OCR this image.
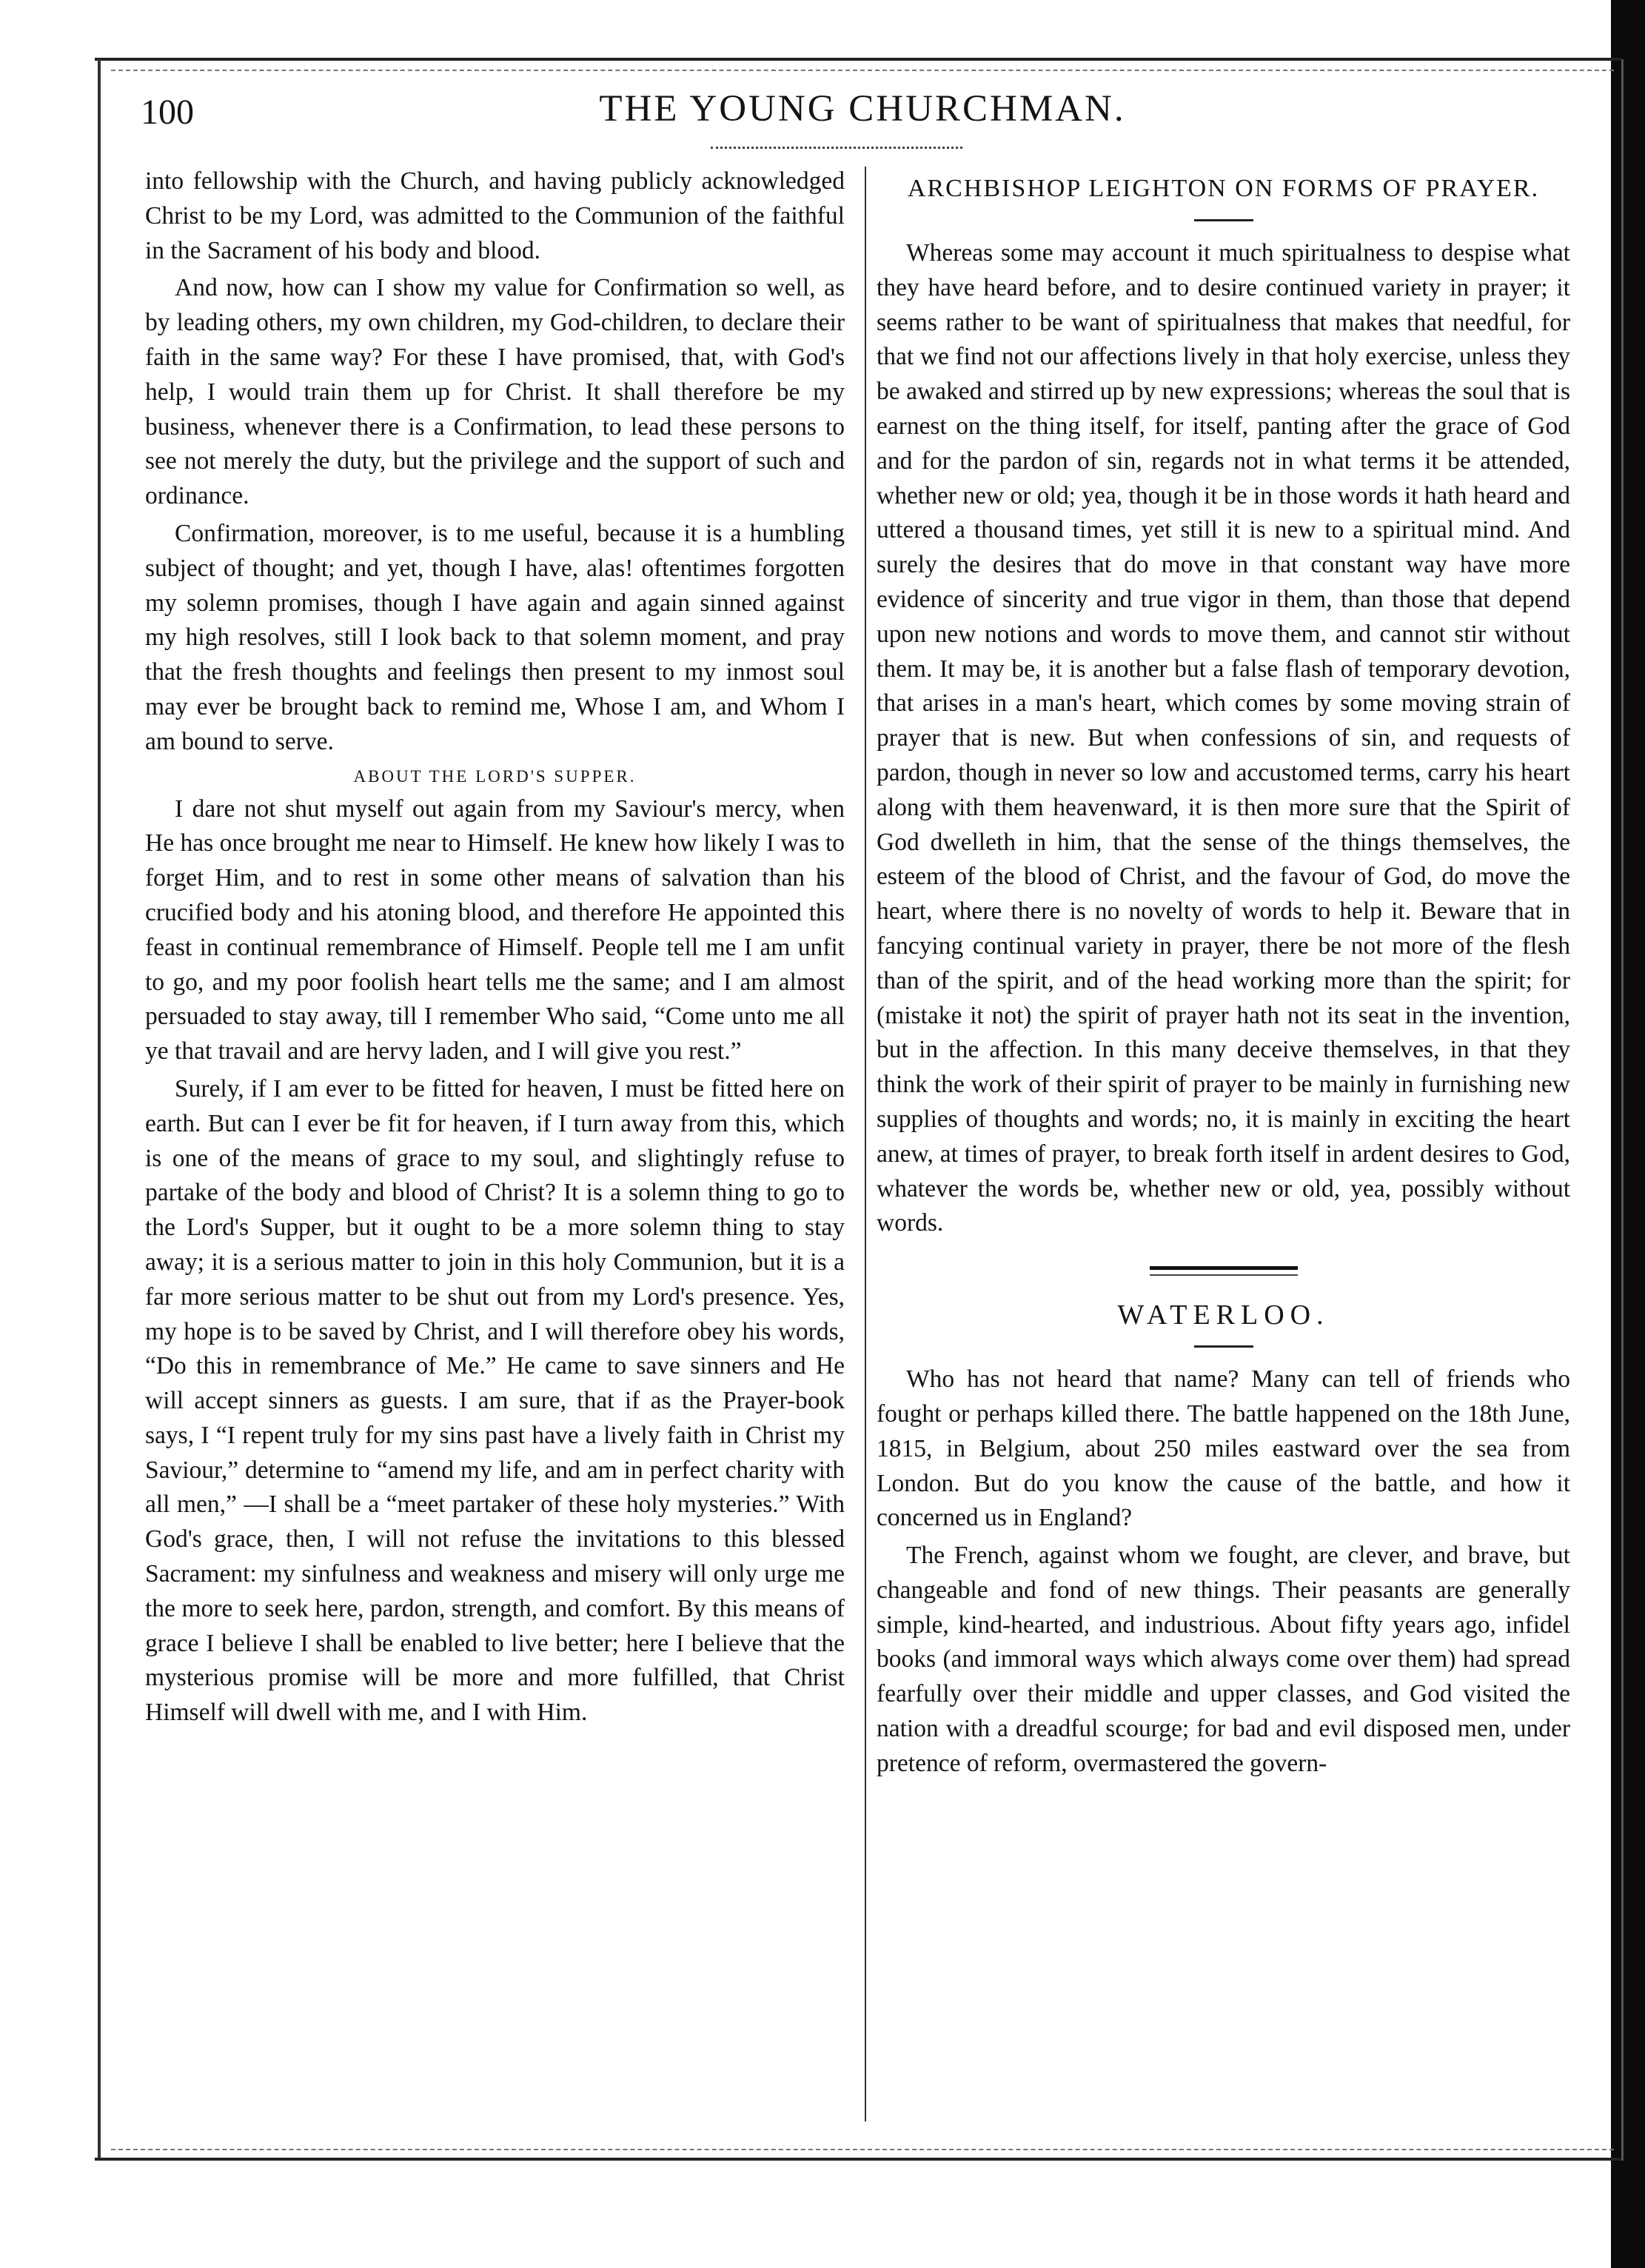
100	THE YOUNG CHURCHMAN.

into fellowship with the Church, and having publicly acknowledged Christ to be my Lord, was admitted to the Communion of the faithful in the Sacrament of his body and blood.

And now, how can I show my value for Confirmation so well, as by leading others, my own children, my God-children, to declare their faith in the same way? For these I have promised, that, with God's help, I would train them up for Christ. It shall therefore be my business, whenever there is a Confirmation, to lead these persons to see not merely the duty, but the privilege and the support of such and ordinance.

Confirmation, moreover, is to me useful, because it is a humbling subject of thought; and yet, though I have, alas! oftentimes forgotten my solemn promises, though I have again and again sinned against my high resolves, still I look back to that solemn moment, and pray that the fresh thoughts and feelings then present to my inmost soul may ever be brought back to remind me, Whose I am, and Whom I am bound to serve.

ABOUT THE LORD'S SUPPER.

I dare not shut myself out again from my Saviour's mercy, when He has once brought me near to Himself. He knew how likely I was to forget Him, and to rest in some other means of salvation than his crucified body and his atoning blood, and therefore He appointed this feast in continual remembrance of Himself. People tell me I am unfit to go, and my poor foolish heart tells me the same; and I am almost persuaded to stay away, till I remember Who said, “Come unto me all ye that travail and are hervy laden, and I will give you rest.”

Surely, if I am ever to be fitted for heaven, I must be fitted here on earth. But can I ever be fit for heaven, if I turn away from this, which is one of the means of grace to my soul, and slightingly refuse to partake of the body and blood of Christ? It is a solemn thing to go to the Lord's Supper, but it ought to be a more solemn thing to stay away; it is a serious matter to join in this holy Communion, but it is a far more serious matter to be shut out from my Lord's presence. Yes, my hope is to be saved by Christ, and I will therefore obey his words, “Do this in remembrance of Me.” He came to save sinners and He will accept sinners as guests. I am sure, that if as the Prayer-book says, I “I repent truly for my sins past have a lively faith in Christ my Saviour,” determine to “amend my life, and am in perfect charity with all men,” —I shall be a “meet partaker of these holy mysteries.” With God's grace, then, I will not refuse the invitations to this blessed Sacrament: my sinfulness and weakness and misery will only urge me the more to seek here, pardon, strength, and comfort. By this means of grace I believe I shall be enabled to live better; here I believe that the mysterious promise will be more and more fulfilled, that Christ Himself will dwell with me, and I with Him.

ARCHBISHOP LEIGHTON ON FORMS OF PRAYER.

Whereas some may account it much spiritualness to despise what they have heard before, and to desire continued variety in prayer; it seems rather to be want of spiritualness that makes that needful, for that we find not our affections lively in that holy exercise, unless they be awaked and stirred up by new expressions; whereas the soul that is earnest on the thing itself, for itself, panting after the grace of God and for the pardon of sin, regards not in what terms it be attended, whether new or old; yea, though it be in those words it hath heard and uttered a thousand times, yet still it is new to a spiritual mind. And surely the desires that do move in that constant way have more evidence of sincerity and true vigor in them, than those that depend upon new notions and words to move them, and cannot stir without them. It may be, it is another but a false flash of temporary devotion, that arises in a man's heart, which comes by some moving strain of prayer that is new. But when confessions of sin, and requests of pardon, though in never so low and accustomed terms, carry his heart along with them heavenward, it is then more sure that the Spirit of God dwelleth in him, that the sense of the things themselves, the esteem of the blood of Christ, and the favour of God, do move the heart, where there is no novelty of words to help it. Beware that in fancying continual variety in prayer, there be not more of the flesh than of the spirit, and of the head working more than the spirit; for (mistake it not) the spirit of prayer hath not its seat in the invention, but in the affection. In this many deceive themselves, in that they think the work of their spirit of prayer to be mainly in furnishing new supplies of thoughts and words; no, it is mainly in exciting the heart anew, at times of prayer, to break forth itself in ardent desires to God, whatever the words be, whether new or old, yea, possibly without words.

WATERLOO.

Who has not heard that name? Many can tell of friends who fought or perhaps killed there. The battle happened on the 18th June, 1815, in Belgium, about 250 miles eastward over the sea from London. But do you know the cause of the battle, and how it concerned us in England?

The French, against whom we fought, are clever, and brave, but changeable and fond of new things. Their peasants are generally simple, kind-hearted, and industrious. About fifty years ago, infidel books (and immoral ways which always come over them) had spread fearfully over their middle and upper classes, and God visited the nation with a dreadful scourge; for bad and evil disposed men, under pretence of reform, overmastered the govern-
